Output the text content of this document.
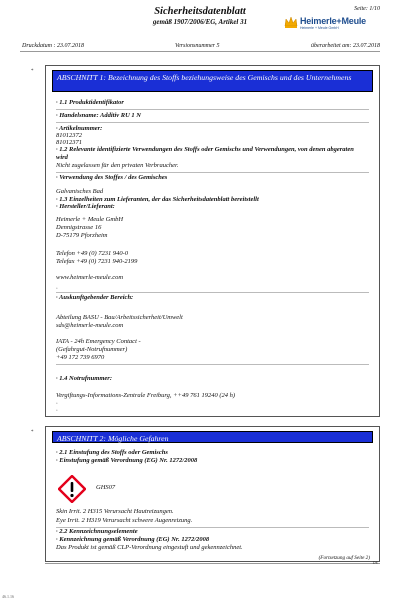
Sicherheitsdatenblatt
gemäß 1907/2006/EG, Artikel 31
Seite: 1/10
Heimerle+Meule
Heimerle + Meule GmbH
Druckdatum : 23.07.2018	Versionsnummer 5	überarbeitet am: 23.07.2018
*
ABSCHNITT 1: Bezeichnung des Stoffs beziehungsweise des Gemischs und des Unternehmens
· 1.1 Produktidentifikator
· Handelsname: Additiv RU 1 N
· Artikelnummer:
81012372
81012371
· 1.2 Relevante identifizierte Verwendungen des Stoffs oder Gemischs und Verwendungen, von denen abgeraten wird
Nicht zugelassen für den privaten Verbraucher.
· Verwendung des Stoffes / des Gemisches
Galvanisches Bad
· 1.3 Einzelheiten zum Lieferanten, der das Sicherheitsdatenblatt bereitstellt
· Hersteller/Lieferant:
Heimerle + Meule GmbH
Dennigstrasse 16
D-75179 Pforzheim
Telefon +49 (0) 7231 940-0
Telefax +49 (0) 7231 940-2199
www.heimerle-meule.com
·
· Auskunftgebender Bereich:
Abteilung BASU - Bau/Arbeitssicherheit/Umwelt
sds@heimerle-meule.com
IATA - 24h Emergency Contact -
(Gefahrgut-Notrufnummer)
+49 172 739 6970
· 1.4 Notrufnummer:
Vergiftungs-Informations-Zentrale Freiburg, ++49 761 19240 (24 h)
·
·
*
ABSCHNITT 2: Mögliche Gefahren
· 2.1 Einstufung des Stoffs oder Gemischs
· Einstufung gemäß Verordnung (EG) Nr. 1272/2008
GHS07
Skin Irrit. 2 H315 Verursacht Hautreizungen.
Eye Irrit. 2 H319 Verursacht schwere Augenreizung.
· 2.2 Kennzeichnungselemente
· Kennzeichnung gemäß Verordnung (EG) Nr. 1272/2008
Das Produkt ist gemäß CLP-Verordnung eingestuft und gekennzeichnet.
(Fortsetzung auf Seite 2)
DE
46.1.16
